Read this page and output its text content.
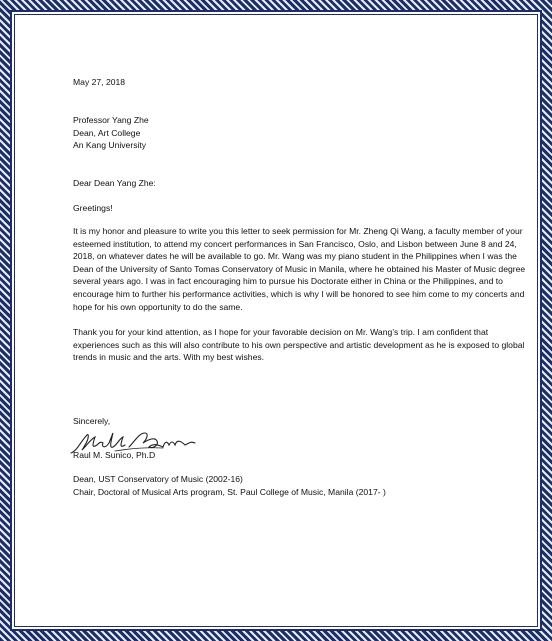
May 27, 2018
Professor Yang Zhe
Dean, Art College
An Kang University
Dear Dean Yang Zhe:
Greetings!
It is my honor and pleasure to write you this letter to seek permission for Mr. Zheng Qi Wang, a faculty member of your esteemed institution, to attend my concert performances in San Francisco, Oslo, and Lisbon between June 8 and 24, 2018, on whatever dates he will be available to go. Mr. Wang was my piano student in the Philippines when I was the Dean of the University of Santo Tomas Conservatory of Music in Manila, where he obtained his Master of Music degree several years ago. I was in fact encouraging him to pursue his Doctorate either in China or the Philippines, and to encourage him to further his performance activities, which is why I will be honored to see him come to my concerts and hope for his own opportunity to do the same.
Thank you for your kind attention, as I hope for your favorable decision on Mr. Wang’s trip. I am confident that experiences such as this will also contribute to his own perspective and artistic development as he is exposed to global trends in music and the arts. With my best wishes.
Sincerely,
Raul M. Sunico, Ph.D
Dean, UST Conservatory of Music (2002-16)
Chair, Doctoral of Musical Arts program, St. Paul College of Music, Manila (2017- )
